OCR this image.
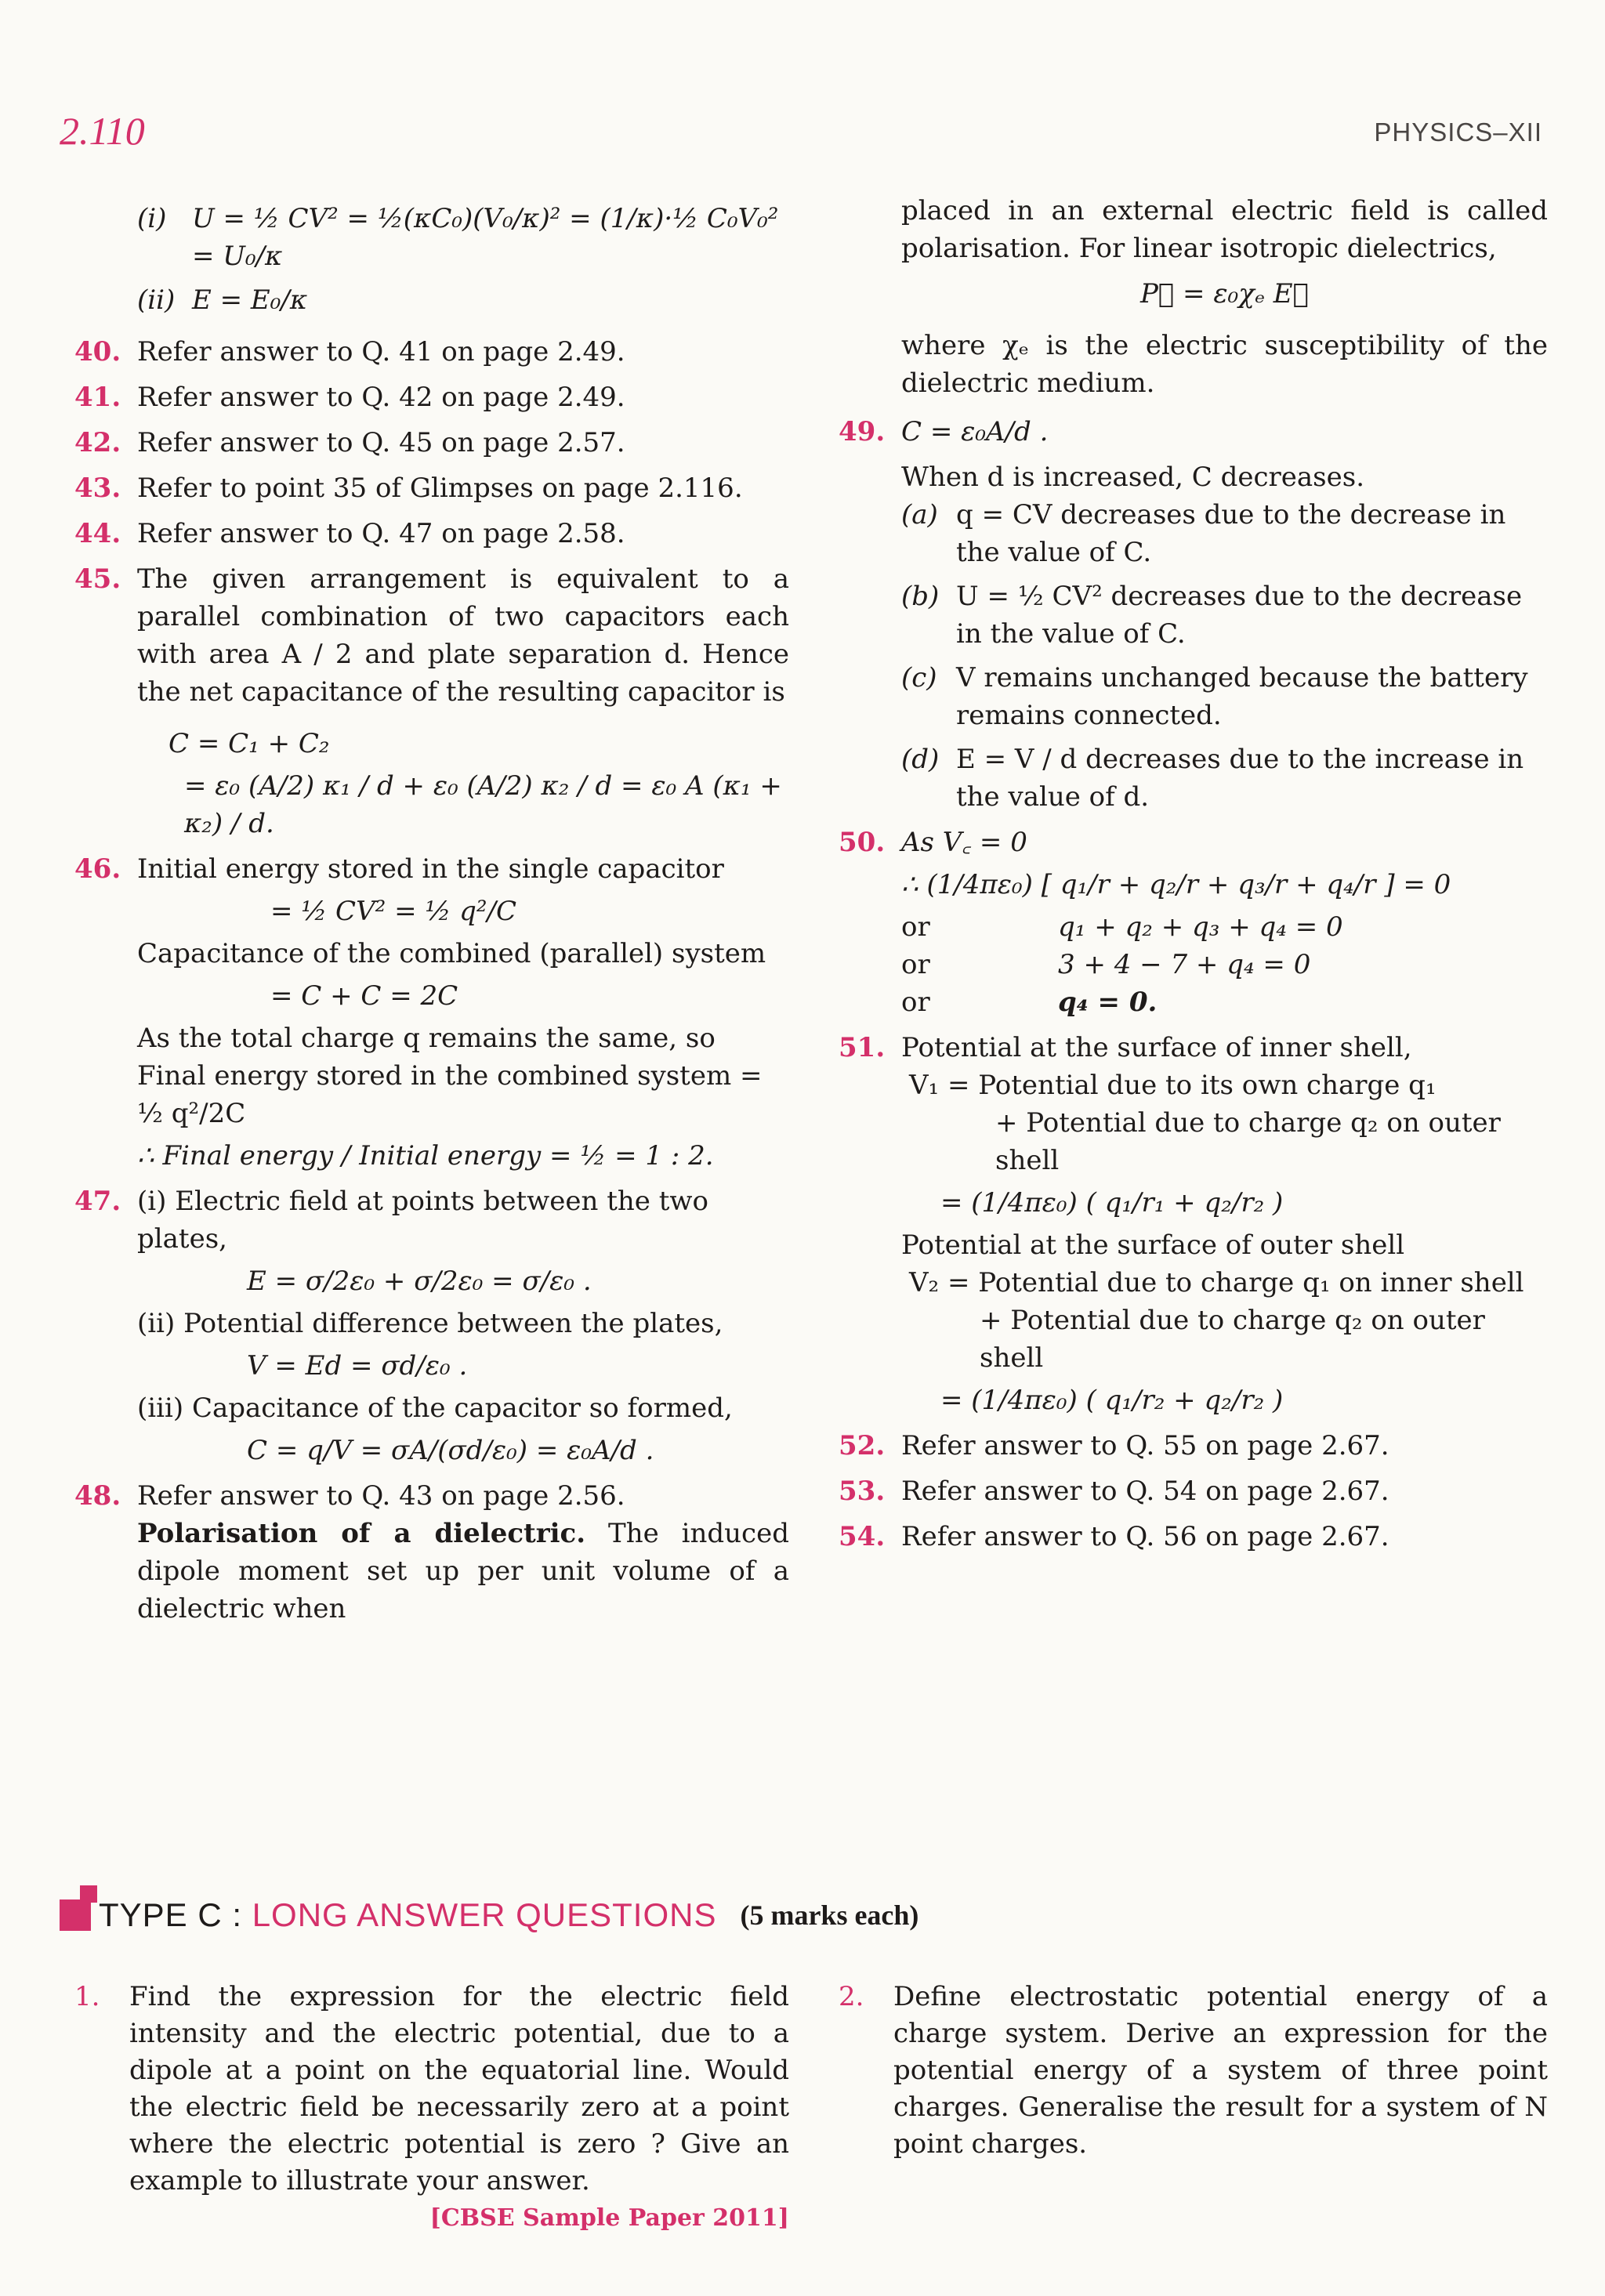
2.110	PHYSICS–XII
(i) U = ½ CV² = ½(κC₀)(V₀/κ)² = (1/κ)·½ C₀V₀² = U₀/κ
(ii) E = E₀/κ
40. Refer answer to Q. 41 on page 2.49.
41. Refer answer to Q. 42 on page 2.49.
42. Refer answer to Q. 45 on page 2.57.
43. Refer to point 35 of Glimpses on page 2.116.
44. Refer answer to Q. 47 on page 2.58.
45. The given arrangement is equivalent to a parallel combination of two capacitors each with area A / 2 and plate separation d. Hence the net capacitance of the resulting capacitor is
C = C₁ + C₂
= ε₀ (A/2) κ₁ / d + ε₀ (A/2) κ₂ / d = ε₀ A (κ₁ + κ₂) / d.
46. Initial energy stored in the single capacitor
= ½ CV² = ½ q²/C
Capacitance of the combined (parallel) system
= C + C = 2C
As the total charge q remains the same, so
Final energy stored in the combined system = ½ q²/2C
∴ Final energy / Initial energy = ½ = 1 : 2.
47. (i) Electric field at points between the two plates,
E = σ/2ε₀ + σ/2ε₀ = σ/ε₀ .
(ii) Potential difference between the plates,
V = Ed = σd/ε₀ .
(iii) Capacitance of the capacitor so formed,
C = q/V = σA/(σd/ε₀) = ε₀A/d .
48. Refer answer to Q. 43 on page 2.56.
Polarisation of a dielectric. The induced dipole moment set up per unit volume of a dielectric when
placed in an external electric field is called polarisation. For linear isotropic dielectrics,
P⃗ = ε₀χₑ E⃗
where χₑ is the electric susceptibility of the dielectric medium.
49. C = ε₀A/d .
When d is increased, C decreases.
(a) q = CV decreases due to the decrease in the value of C.
(b) U = ½ CV² decreases due to the decrease in the value of C.
(c) V remains unchanged because the battery remains connected.
(d) E = V / d decreases due to the increase in the value of d.
50. As V꜀ = 0
∴ (1/4πε₀) [ q₁/r + q₂/r + q₃/r + q₄/r ] = 0
or	q₁ + q₂ + q₃ + q₄ = 0
or	3 + 4 − 7 + q₄ = 0
or	q₄ = 0.
51. Potential at the surface of inner shell,
V₁ = Potential due to its own charge q₁
+ Potential due to charge q₂ on outer shell
= (1/4πε₀) ( q₁/r₁ + q₂/r₂ )
Potential at the surface of outer shell
V₂ = Potential due to charge q₁ on inner shell
+ Potential due to charge q₂ on outer shell
= (1/4πε₀) ( q₁/r₂ + q₂/r₂ )
52. Refer answer to Q. 55 on page 2.67.
53. Refer answer to Q. 54 on page 2.67.
54. Refer answer to Q. 56 on page 2.67.
TYPE C : LONG ANSWER QUESTIONS (5 marks each)
1. Find the expression for the electric field intensity and the electric potential, due to a dipole at a point on the equatorial line. Would the electric field be necessarily zero at a point where the electric potential is zero ? Give an example to illustrate your answer.
[CBSE Sample Paper 2011]
2. Define electrostatic potential energy of a charge system. Derive an expression for the potential energy of a system of three point charges. Generalise the result for a system of N point charges.
